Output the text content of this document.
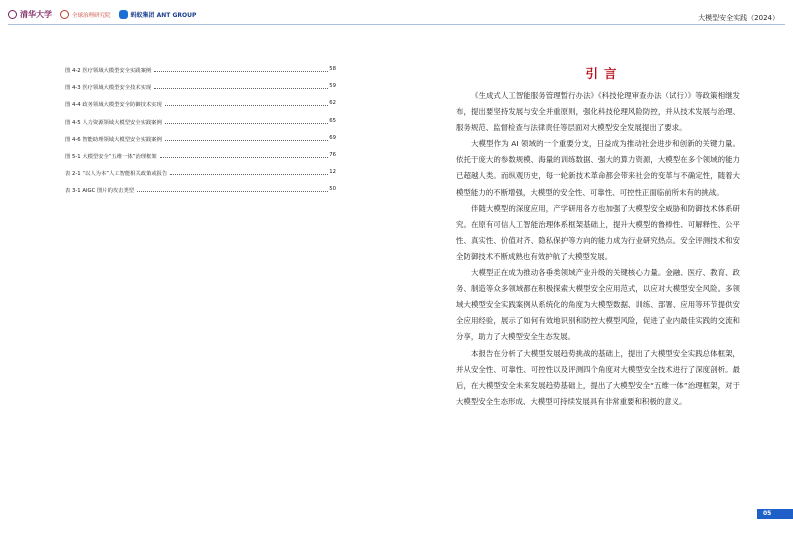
清华大学	全球治理研究院	蚂蚁集团 ANT GROUP	大模型安全实践（2024）
图 4-2 医疗领域大模型安全实践案例	58
图 4-3 医疗领域大模型安全技术实现	59
图 4-4 政务领域大模型安全防御技术实现	62
图 4-5 人力资源领域大模型安全实践案例	65
图 4-6 智能助理领域大模型安全实践案例	69
图 5-1 大模型安全“五维一体”治理框架	76
表 2-1 “以人为本”人工智能相关政策或报告	12
表 3-1 AIGC 图片的攻击类型	50
引言

《生成式人工智能服务管理暂行办法》《科技伦理审查办法（试行）》等政策相继发布，提出要坚持发展与安全并重原则，强化科技伦理风险防控，并从技术发展与治理、服务规范、监督检查与法律责任等层面对大模型安全发展提出了要求。

大模型作为 AI 领域的一个重要分支，日益成为推动社会进步和创新的关键力量。依托于庞大的参数规模、海量的训练数据、强大的算力资源，大模型在多个领域的能力已超越人类。而纵观历史，每一轮新技术革命都会带来社会的变革与不确定性，随着大模型能力的不断增强，大模型的安全性、可靠性、可控性正面临前所未有的挑战。

伴随大模型的深度应用，产学研用各方也加强了大模型安全威胁和防御技术体系研究。在原有可信人工智能治理体系框架基础上，提升大模型的鲁棒性、可解释性、公平性、真实性、价值对齐、隐私保护等方向的能力成为行业研究热点。安全评测技术和安全防御技术不断成熟也有效护航了大模型发展。

大模型正在成为推动各垂类领域产业升级的关键核心力量。金融、医疗、教育、政务、制造等众多领域都在积极探索大模型安全应用范式，以应对大模型安全风险。多领域大模型安全实践案例从系统化的角度为大模型数据、训练、部署、应用等环节提供安全应用经验，展示了如何有效地识别和防控大模型风险，促进了业内最佳实践的交流和分享，助力了大模型安全生态发展。

本报告在分析了大模型发展趋势挑战的基础上，提出了大模型安全实践总体框架，并从安全性、可靠性、可控性以及评测四个角度对大模型安全技术进行了深度剖析。最后，在大模型安全未来发展趋势基础上，提出了大模型安全“五维一体”治理框架，对于大模型安全生态形成、大模型可持续发展具有非常重要和积极的意义。

05
